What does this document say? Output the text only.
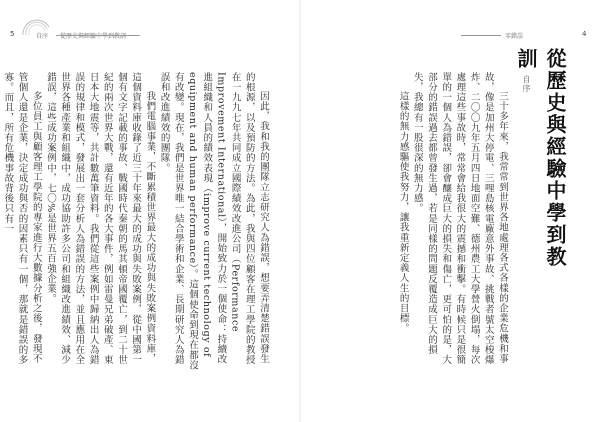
5	自序 從歷史與經驗中學到教訓

因此，我和我的團隊立志研究人為錯誤，想要弄清楚錯誤發生的根源，以及預防的方法。為此，我與四位顧客在理工學院的教授在一九九七年共同成立國際績效改進公司（Performance Improvement International），開始致力於一個使命：持續改進組織和人員的績效表現（improve current technology of equipment and human performance）。這個使命到現在都沒有改變。現在，我們是世界唯一結合學術和企業、長期研究人為錯誤和改進績效的團隊。

我們電腦事業，不斷累積世界最大的成功與失敗案例資料庫，這個資料庫收錄了近三十年來最大的成功與失敗案例，從中國第一個有文字記載的事故、戰國時代秦朝的馬其頓帝國覆亡，到二十世紀的兩次世界大戰，還有近年的各大事件，例如雷曼兄弟破產、東日本大地震等，共計數萬筆資料。我們從這些案例中歸納出人為錯誤的規律和模式，發展出一套分析人為錯誤的方法，並且應用在全世界各種產業和組織中，成功協助許多公司和組織改進績效、減少錯誤，這些成功案例中，七〇%是世界五百強企業。

多位員工與顧客理工學院的專家進行大數據分析之後，發現不管個人還是企業，決定成功與否的因素只有一個，那就是錯誤的多寡。而且，所有危機事故背後只有一

零錯誤	4

三十多年來，我常常到世界各地處理各式各樣的企業危機和事故，像是加州大停電、三哩島核電廠意外事故、挑戰者號太空梭爆炸、二〇〇九年五月四日地面空難、德州農工大學營火倒塌，每次處理這些事故時，常常會給我很大的震撼和衝擊。有時候只是很簡單的一個人為錯誤，卻會釀成巨大的損失和傷亡，更可怕的是，大部分的錯誤過去都曾發生過，若是同樣的問題反覆造成巨大的損失，我總有一股很深的無力感。

這樣的無力感驅使我努力，讓我重新定義人生的目標。	從歷史與經驗中學到教訓 自序
